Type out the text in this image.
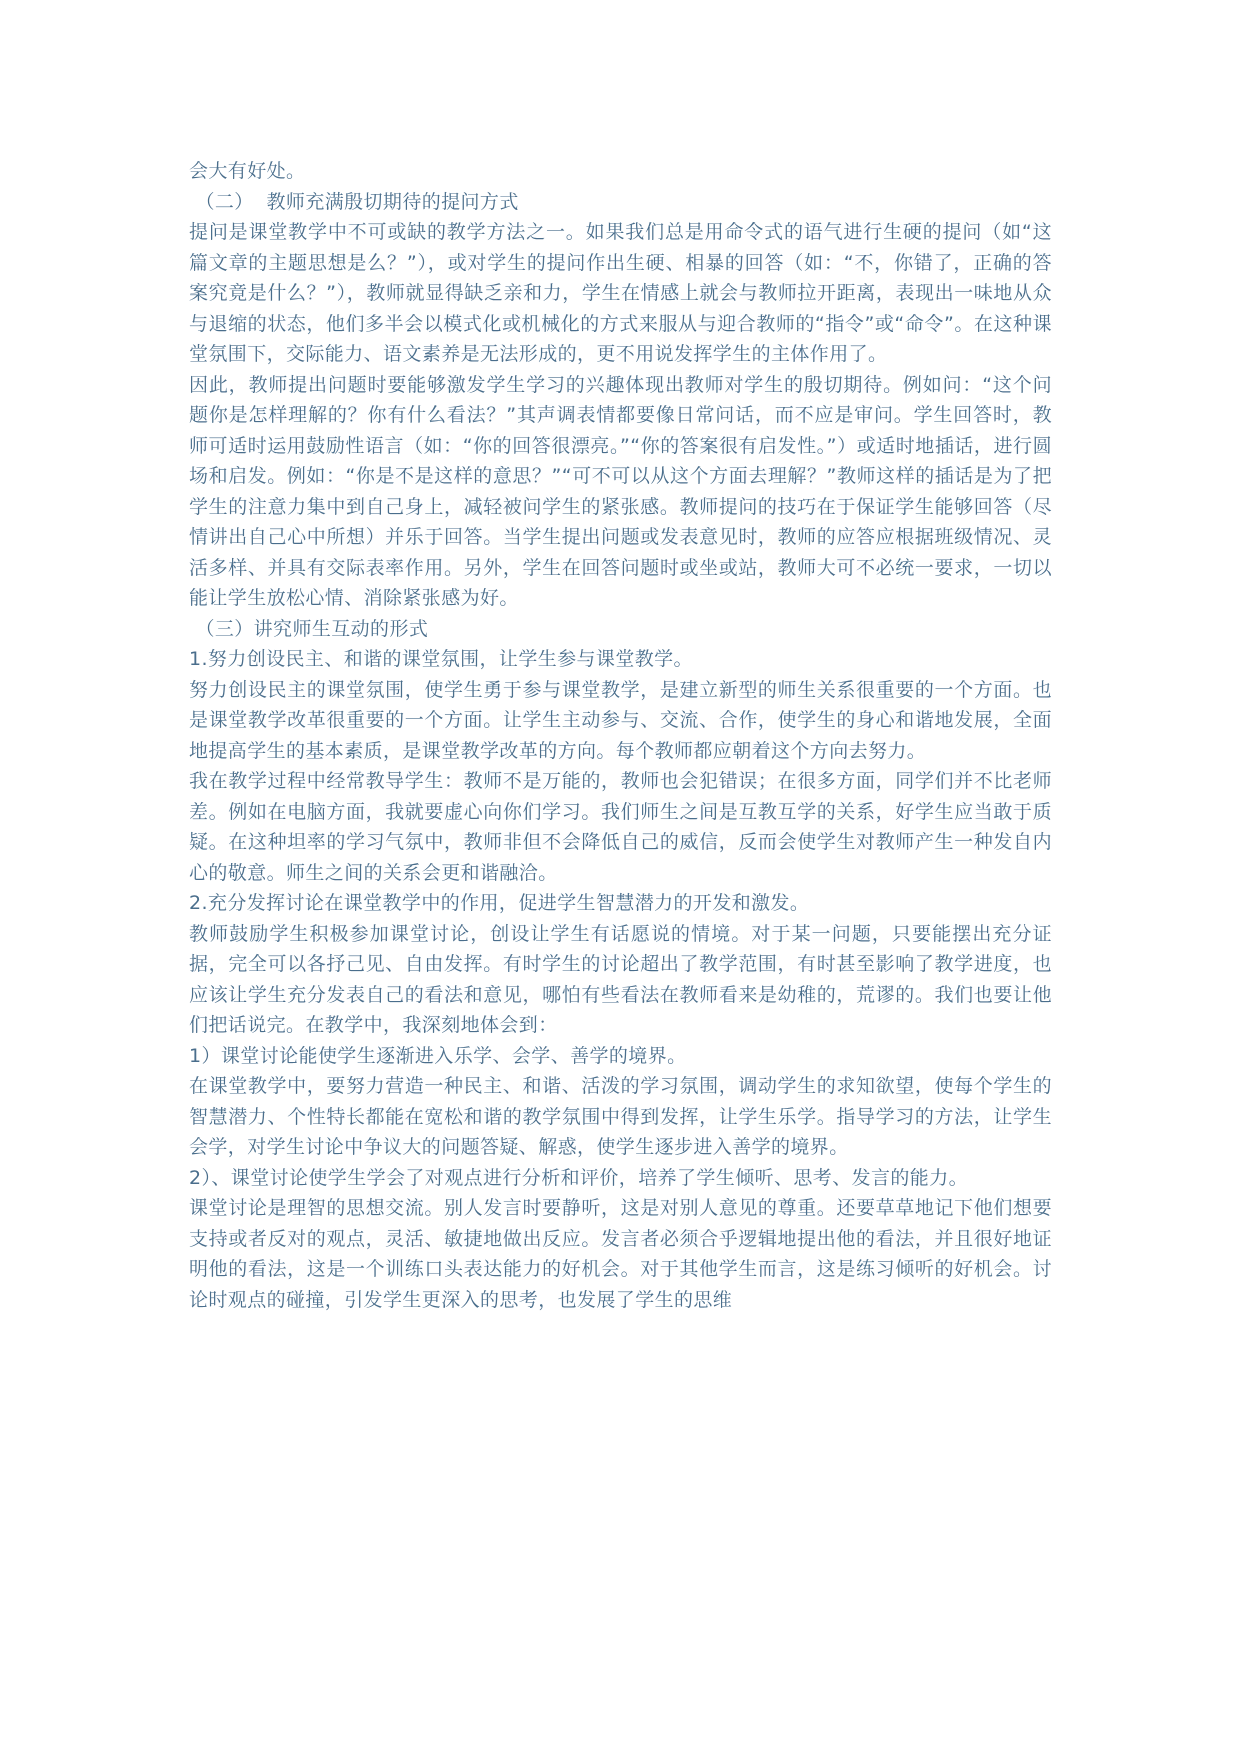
会大有好处。

（二）  教师充满殷切期待的提问方式

提问是课堂教学中不可或缺的教学方法之一。如果我们总是用命令式的语气进行生硬的提问（如“这篇文章的主题思想是么？”），或对学生的提问作出生硬、相暴的回答（如：“不，你错了，正确的答案究竟是什么？”），教师就显得缺乏亲和力，学生在情感上就会与教师拉开距离，表现出一味地从众与退缩的状态，他们多半会以模式化或机械化的方式来服从与迎合教师的“指令”或“命令”。在这种课堂氛围下，交际能力、语文素养是无法形成的，更不用说发挥学生的主体作用了。

因此，教师提出问题时要能够激发学生学习的兴趣体现出教师对学生的殷切期待。例如问：“这个问题你是怎样理解的？你有什么看法？”其声调表情都要像日常问话，而不应是审问。学生回答时，教师可适时运用鼓励性语言（如：“你的回答很漂亮。”“你的答案很有启发性。”）或适时地插话，进行圆场和启发。例如：“你是不是这样的意思？”“可不可以从这个方面去理解？”教师这样的插话是为了把学生的注意力集中到自己身上，减轻被问学生的紧张感。教师提问的技巧在于保证学生能够回答（尽情讲出自己心中所想）并乐于回答。当学生提出问题或发表意见时，教师的应答应根据班级情况、灵活多样、并具有交际表率作用。另外，学生在回答问题时或坐或站，教师大可不必统一要求，一切以能让学生放松心情、消除紧张感为好。

（三）讲究师生互动的形式

1.努力创设民主、和谐的课堂氛围，让学生参与课堂教学。

努力创设民主的课堂氛围，使学生勇于参与课堂教学，是建立新型的师生关系很重要的一个方面。也是课堂教学改革很重要的一个方面。让学生主动参与、交流、合作，使学生的身心和谐地发展，全面地提高学生的基本素质，是课堂教学改革的方向。每个教师都应朝着这个方向去努力。

我在教学过程中经常教导学生：教师不是万能的，教师也会犯错误；在很多方面，同学们并不比老师差。例如在电脑方面，我就要虚心向你们学习。我们师生之间是互教互学的关系，好学生应当敢于质疑。在这种坦率的学习气氛中，教师非但不会降低自己的威信，反而会使学生对教师产生一种发自内心的敬意。师生之间的关系会更和谐融洽。

2.充分发挥讨论在课堂教学中的作用，促进学生智慧潜力的开发和激发。

教师鼓励学生积极参加课堂讨论，创设让学生有话愿说的情境。对于某一问题，只要能摆出充分证据，完全可以各抒己见、自由发挥。有时学生的讨论超出了教学范围，有时甚至影响了教学进度，也应该让学生充分发表自己的看法和意见，哪怕有些看法在教师看来是幼稚的，荒谬的。我们也要让他们把话说完。在教学中，我深刻地体会到：

1）课堂讨论能使学生逐渐进入乐学、会学、善学的境界。

在课堂教学中，要努力营造一种民主、和谐、活泼的学习氛围，调动学生的求知欲望，使每个学生的智慧潜力、个性特长都能在宽松和谐的教学氛围中得到发挥，让学生乐学。指导学习的方法，让学生会学，对学生讨论中争议大的问题答疑、解惑，使学生逐步进入善学的境界。

2）、课堂讨论使学生学会了对观点进行分析和评价，培养了学生倾听、思考、发言的能力。

课堂讨论是理智的思想交流。别人发言时要静听，这是对别人意见的尊重。还要草草地记下他们想要支持或者反对的观点，灵活、敏捷地做出反应。发言者必须合乎逻辑地提出他的看法，并且很好地证明他的看法，这是一个训练口头表达能力的好机会。对于其他学生而言，这是练习倾听的好机会。讨论时观点的碰撞，引发学生更深入的思考，也发展了学生的思维
